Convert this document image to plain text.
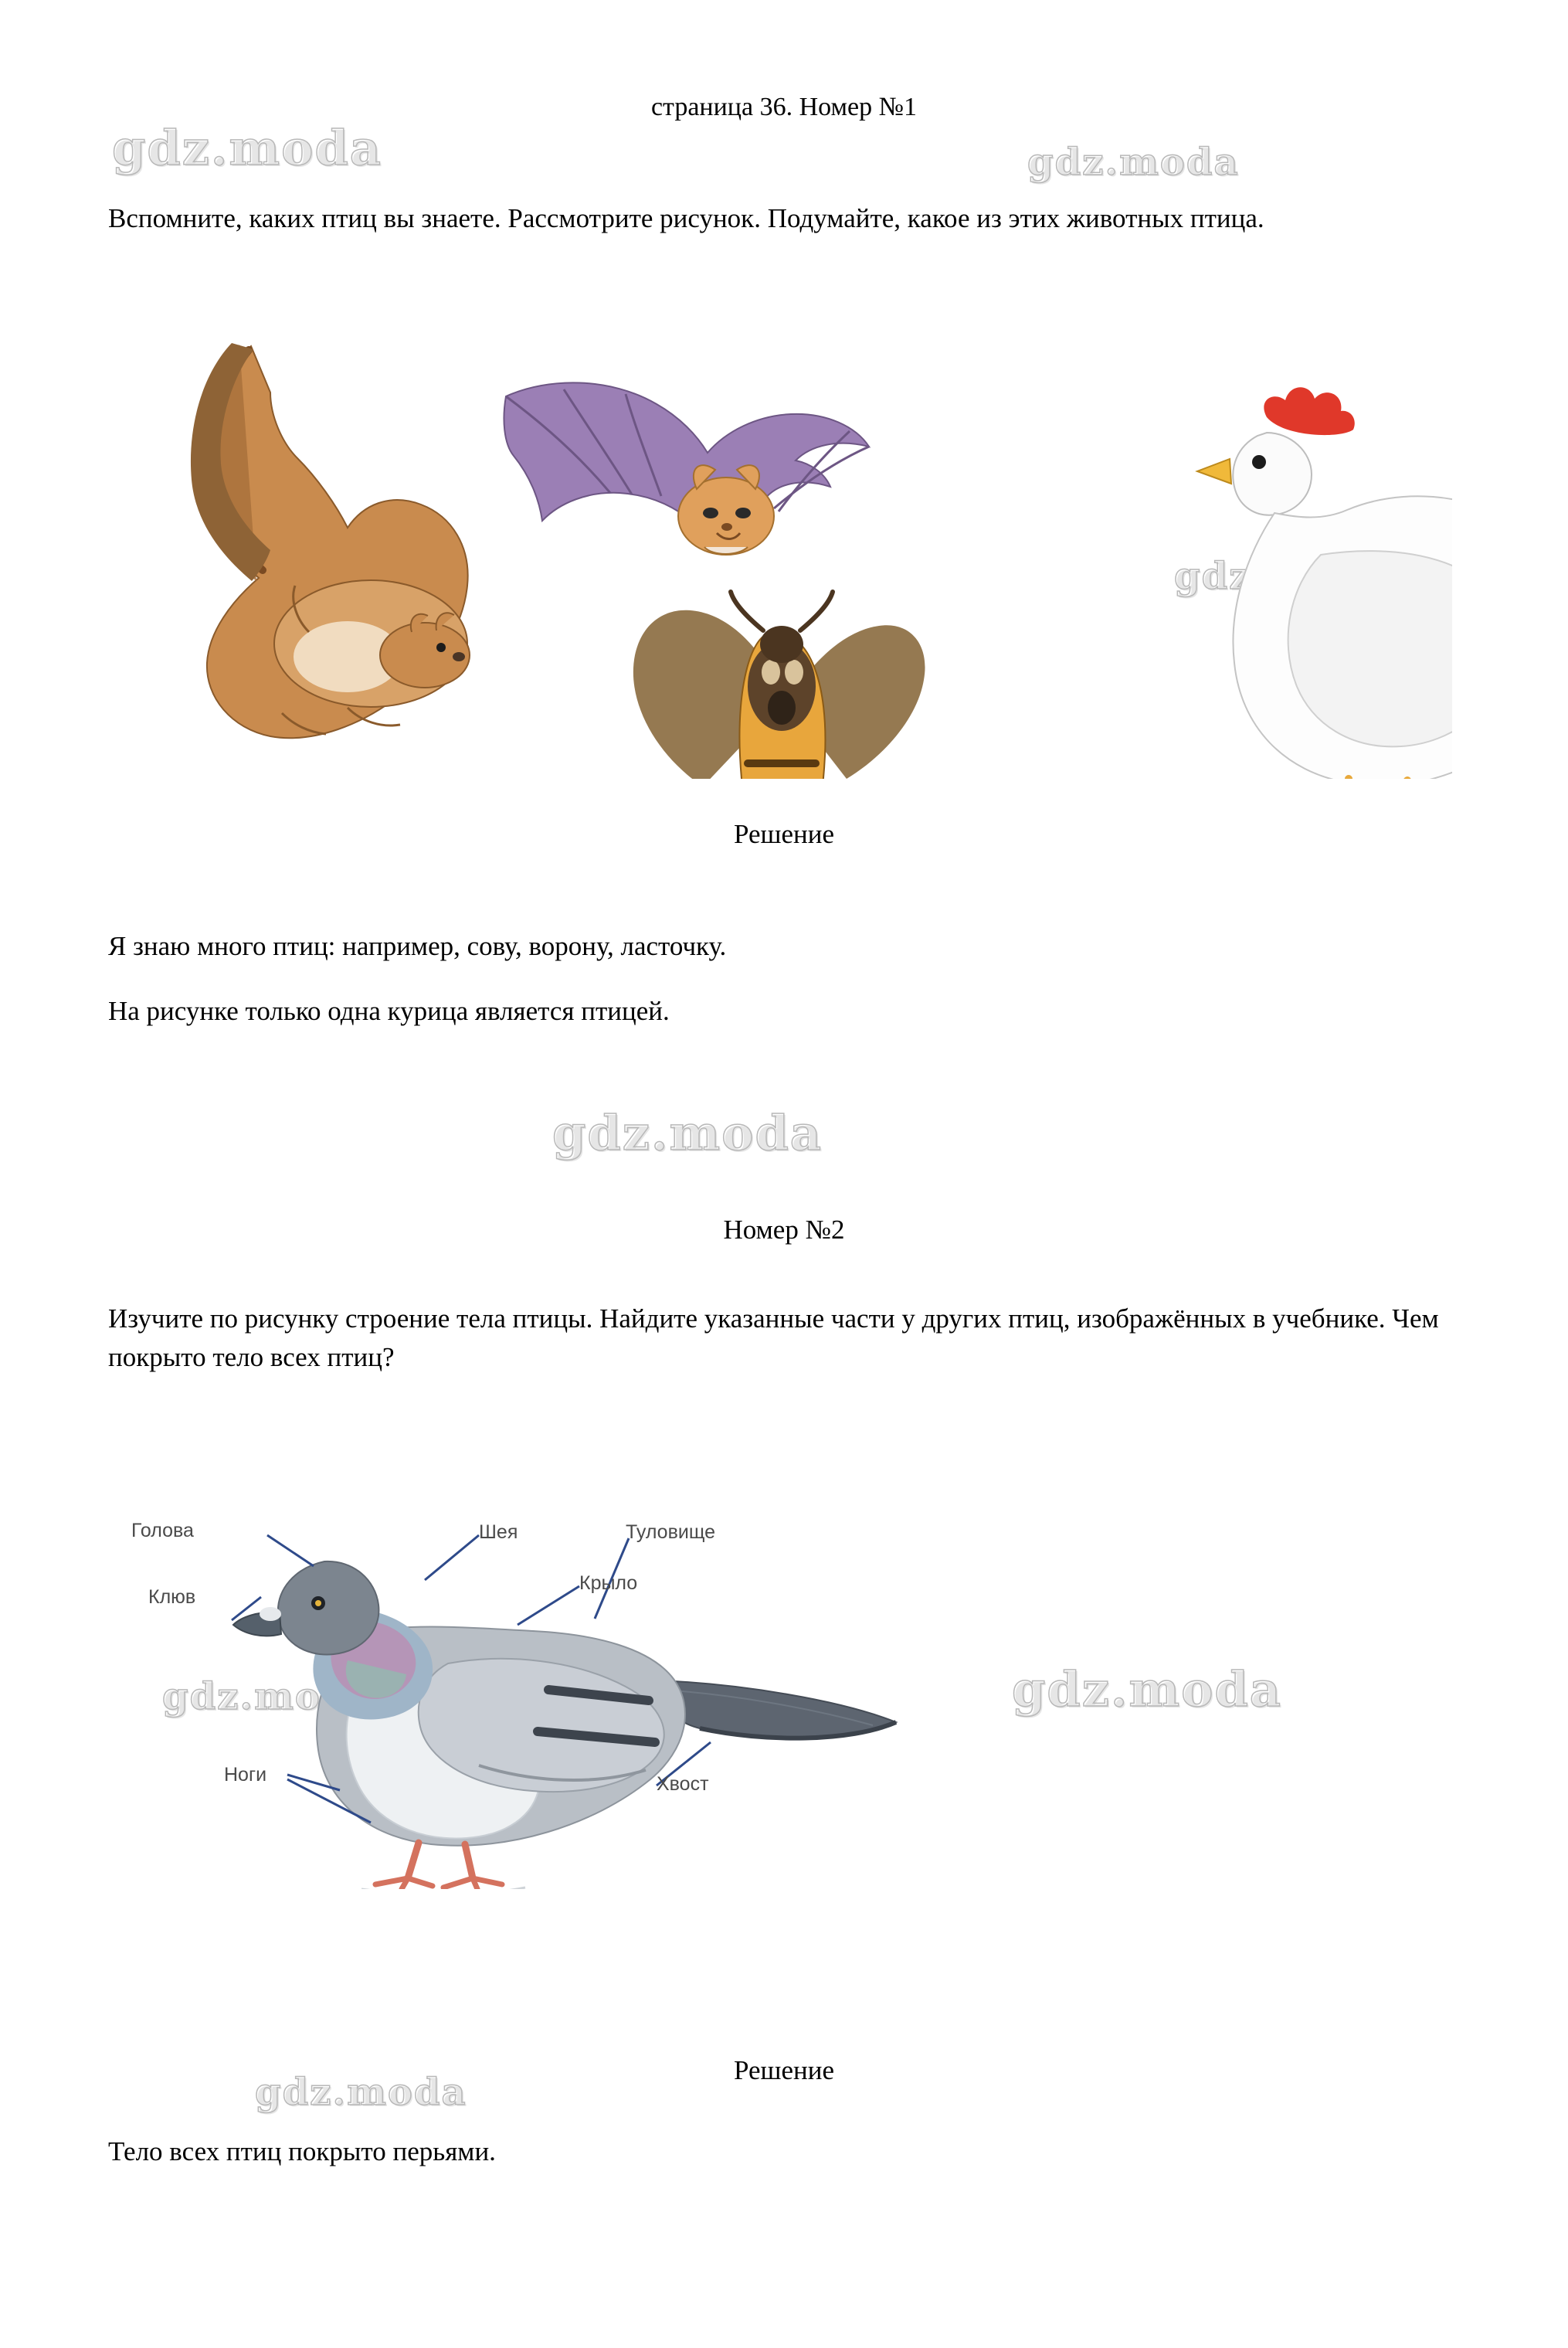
gdz.moda	gdz.moda
gdz.moda
gdz.moda	gdz.moda
gdz.moda
страница 36. Номер №1
Вспомните, каких птиц вы знаете. Рассмотрите рисунок. Подумайте, какое из этих животных птица.
Решение
Я знаю много птиц: например, сову, ворону, ласточку.
На рисунке только одна курица является птицей.
Номер №2
Изучите по рисунку строение тела птицы. Найдите указанные части у других птиц, изображённых в учебнике. Чем покрыто тело всех птиц?
Голова
Клюв
Шея	Туловище
Крыло
Ноги	Хвост
Решение
Тело всех птиц покрыто перьями.
